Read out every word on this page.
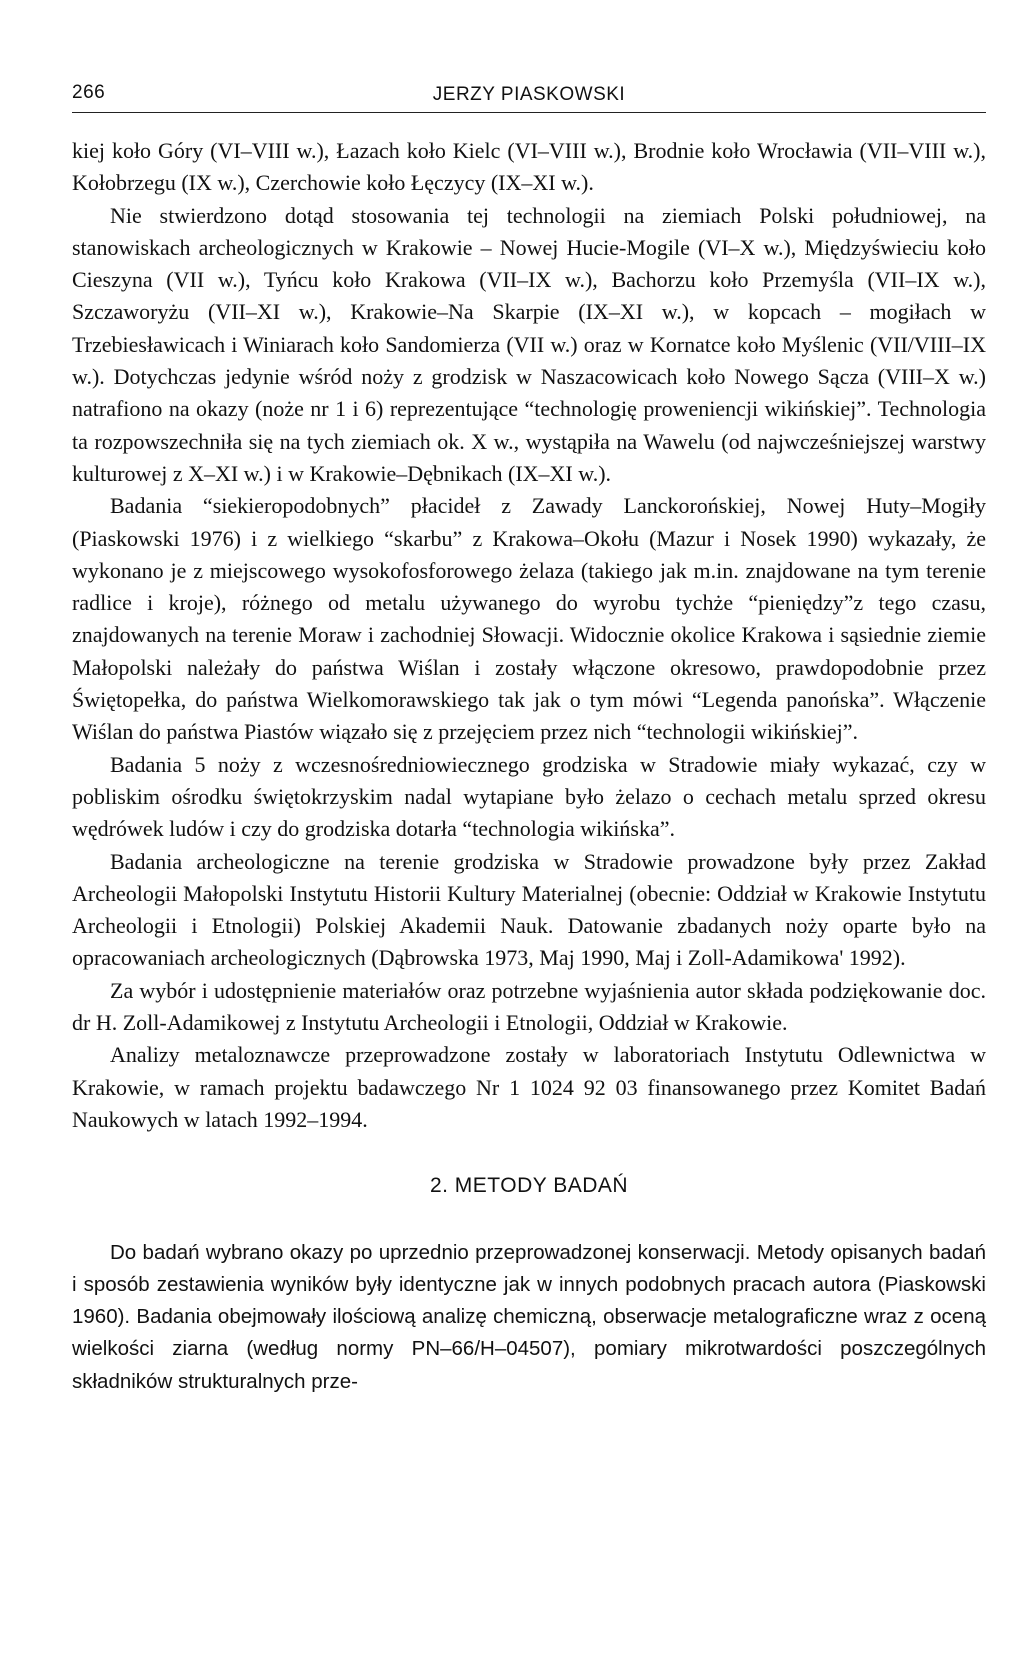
266	JERZY PIASKOWSKI

kiej koło Góry (VI–VIII w.), Łazach koło Kielc (VI–VIII w.), Brodnie koło Wrocławia (VII–VIII w.), Kołobrzegu (IX w.), Czerchowie koło Łęczycy (IX–XI w.).

Nie stwierdzono dotąd stosowania tej technologii na ziemiach Polski południowej, na stanowiskach archeologicznych w Krakowie – Nowej Hucie-Mogile (VI–X w.), Międzyświeciu koło Cieszyna (VII w.), Tyńcu koło Krakowa (VII–IX w.), Bachorzu koło Przemyśla (VII–IX w.), Szczaworyżu (VII–XI w.), Krakowie–Na Skarpie (IX–XI w.), w kopcach – mogiłach w Trzebiesławicach i Winiarach koło Sandomierza (VII w.) oraz w Kornatce koło Myślenic (VII/VIII–IX w.). Dotychczas jedynie wśród noży z grodzisk w Naszacowicach koło Nowego Sącza (VIII–X w.) natrafiono na okazy (noże nr 1 i 6) reprezentujące “technologię proweniencji wikińskiej”. Technologia ta rozpowszechniła się na tych ziemiach ok. X w., wystąpiła na Wawelu (od najwcześniejszej warstwy kulturowej z X–XI w.) i w Krakowie–Dębnikach (IX–XI w.).

Badania “siekieropodobnych” płacideł z Zawady Lanckorońskiej, Nowej Huty–Mogiły (Piaskowski 1976) i z wielkiego “skarbu” z Krakowa–Okołu (Mazur i Nosek 1990) wykazały, że wykonano je z miejscowego wysokofosforowego żelaza (takiego jak m.in. znajdowane na tym terenie radlice i kroje), różnego od metalu używanego do wyrobu tychże “pieniędzy”z tego czasu, znajdowanych na terenie Moraw i zachodniej Słowacji. Widocznie okolice Krakowa i sąsiednie ziemie Małopolski należały do państwa Wiślan i zostały włączone okresowo, prawdopodobnie przez Świętopełka, do państwa Wielkomorawskiego tak jak o tym mówi “Legenda panońska”. Włączenie Wiślan do państwa Piastów wiązało się z przejęciem przez nich “technologii wikińskiej”.

Badania 5 noży z wczesnośredniowiecznego grodziska w Stradowie miały wykazać, czy w pobliskim ośrodku świętokrzyskim nadal wytapiane było żelazo o cechach metalu sprzed okresu wędrówek ludów i czy do grodziska dotarła “technologia wikińska”.

Badania archeologiczne na terenie grodziska w Stradowie prowadzone były przez Zakład Archeologii Małopolski Instytutu Historii Kultury Materialnej (obecnie: Oddział w Krakowie Instytutu Archeologii i Etnologii) Polskiej Akademii Nauk. Datowanie zbadanych noży oparte było na opracowaniach archeologicznych (Dąbrowska 1973, Maj 1990, Maj i Zoll-Adamikowa' 1992).

Za wybór i udostępnienie materiałów oraz potrzebne wyjaśnienia autor składa podziękowanie doc. dr H. Zoll-Adamikowej z Instytutu Archeologii i Etnologii, Oddział w Krakowie.

Analizy metaloznawcze przeprowadzone zostały w laboratoriach Instytutu Odlewnictwa w Krakowie, w ramach projektu badawczego Nr 1 1024 92 03 finansowanego przez Komitet Badań Naukowych w latach 1992–1994.

2. METODY BADAŃ

Do badań wybrano okazy po uprzednio przeprowadzonej konserwacji. Metody opisanych badań i sposób zestawienia wyników były identyczne jak w innych podobnych pracach autora (Piaskowski 1960). Badania obejmowały ilościową analizę chemiczną, obserwacje metalograficzne wraz z oceną wielkości ziarna (według normy PN–66/H–04507), pomiary mikrotwardości poszczególnych składników strukturalnych prze-
